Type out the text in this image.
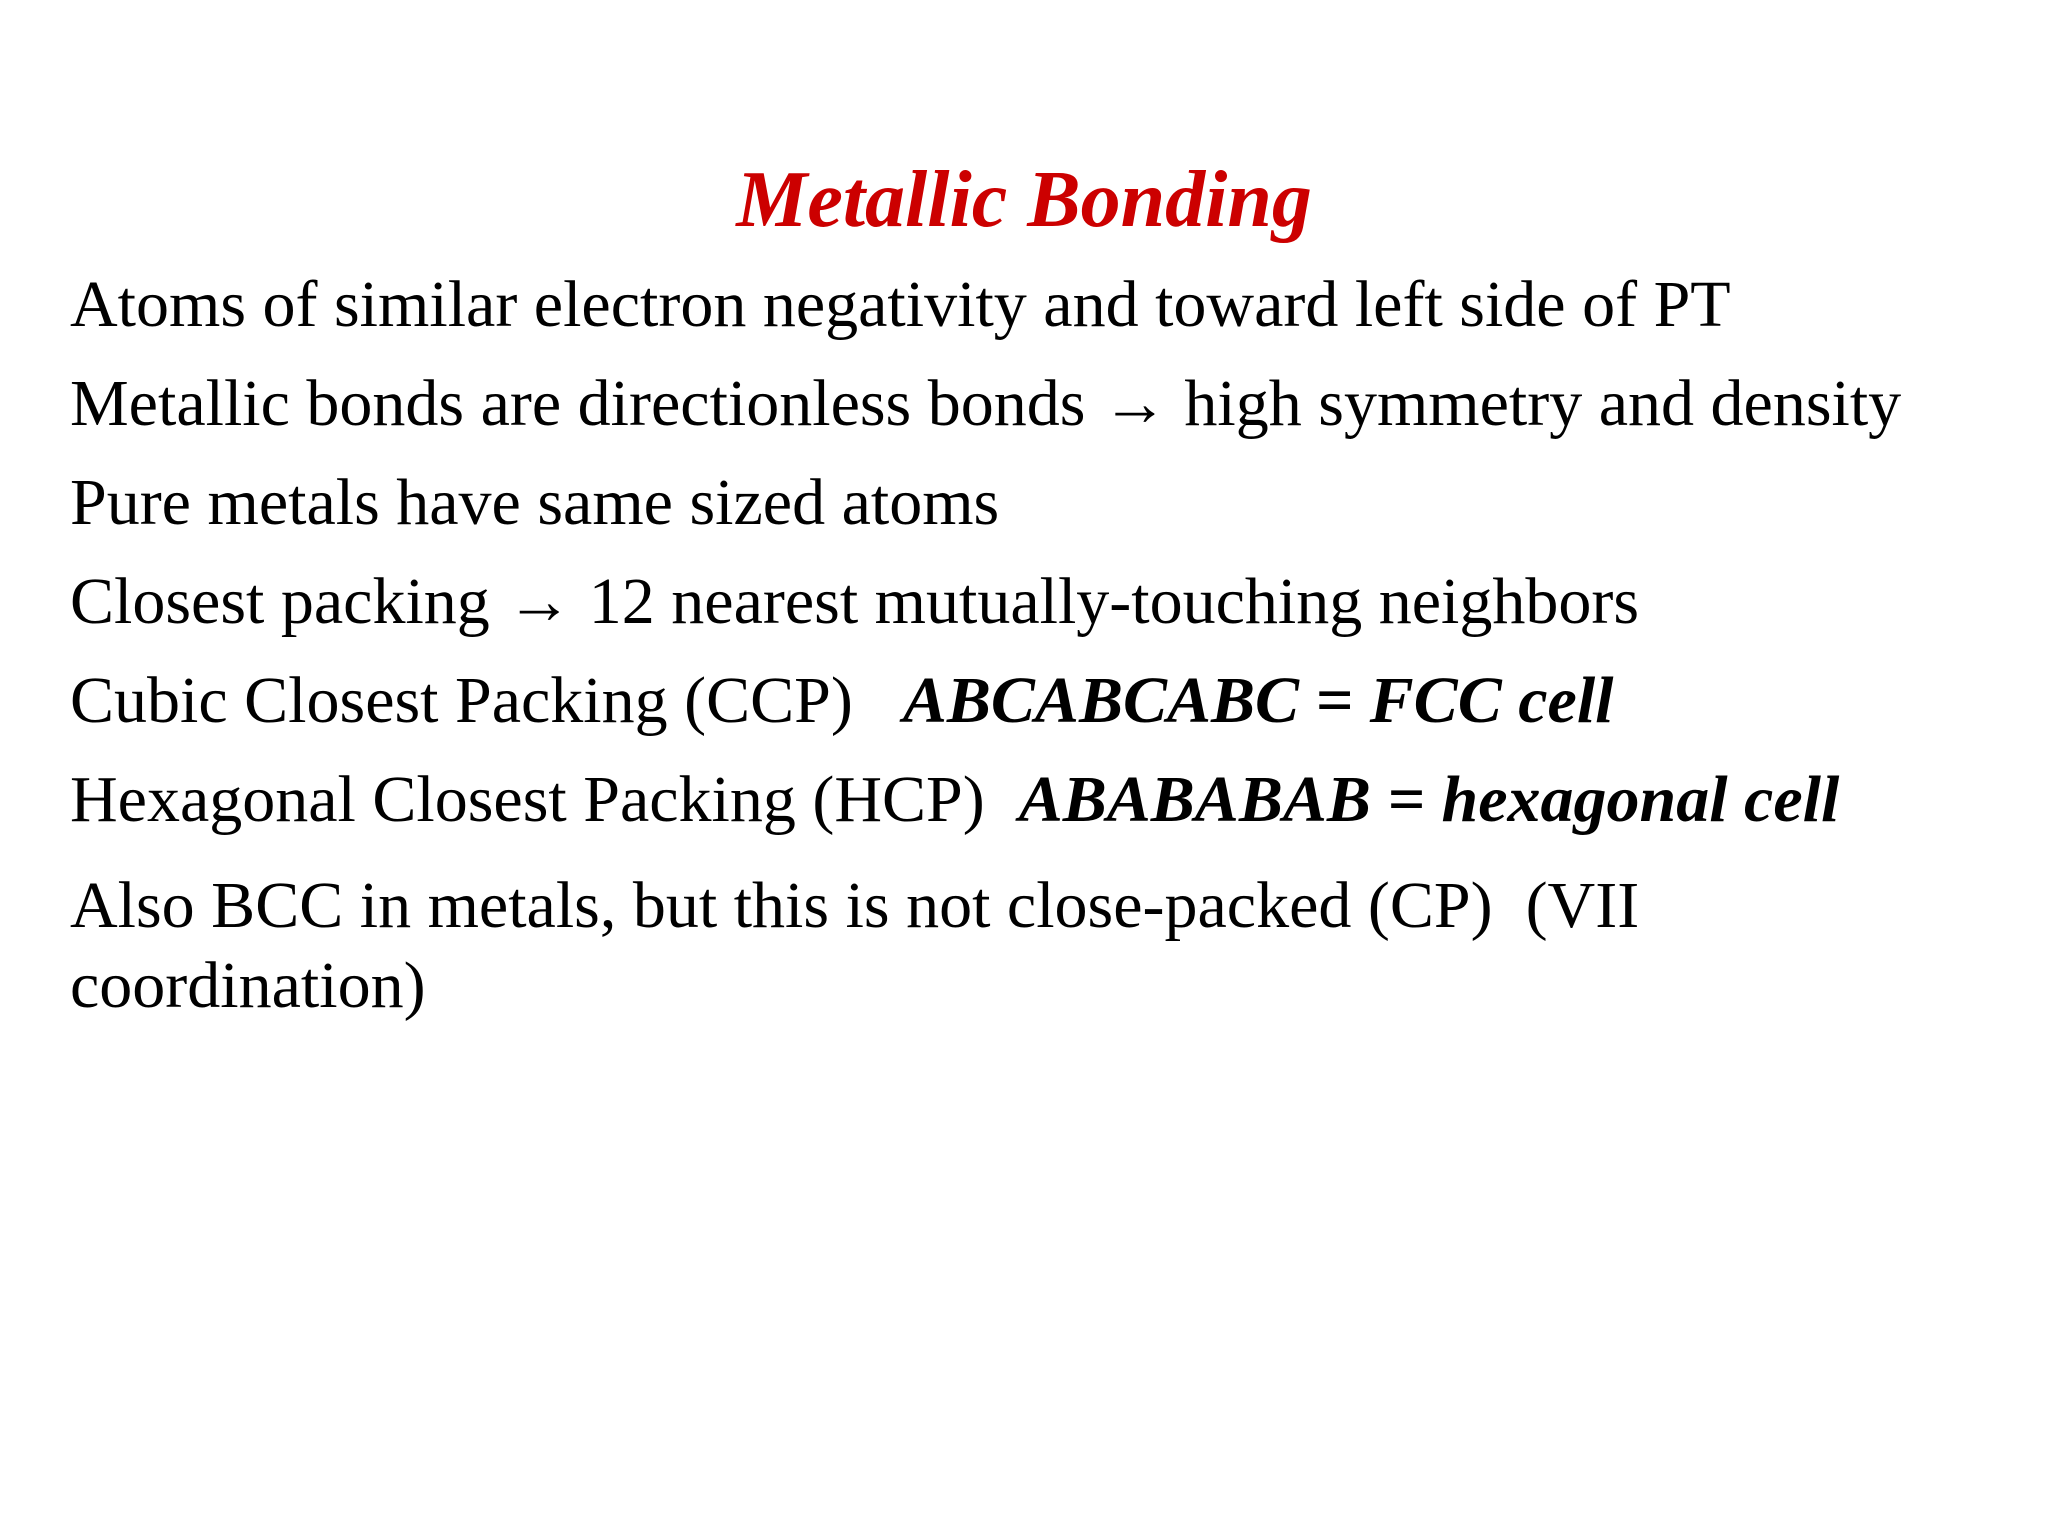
Metallic Bonding
Atoms of similar electron negativity and toward left side of PT
Metallic bonds are directionless bonds → high symmetry and density
Pure metals have same sized atoms
Closest packing → 12 nearest mutually-touching neighbors
Cubic Closest Packing (CCP) ABCABCABC = FCC cell
Hexagonal Closest Packing (HCP) ABABABAB = hexagonal cell
Also BCC in metals, but this is not close-packed (CP)  (VII
coordination)
